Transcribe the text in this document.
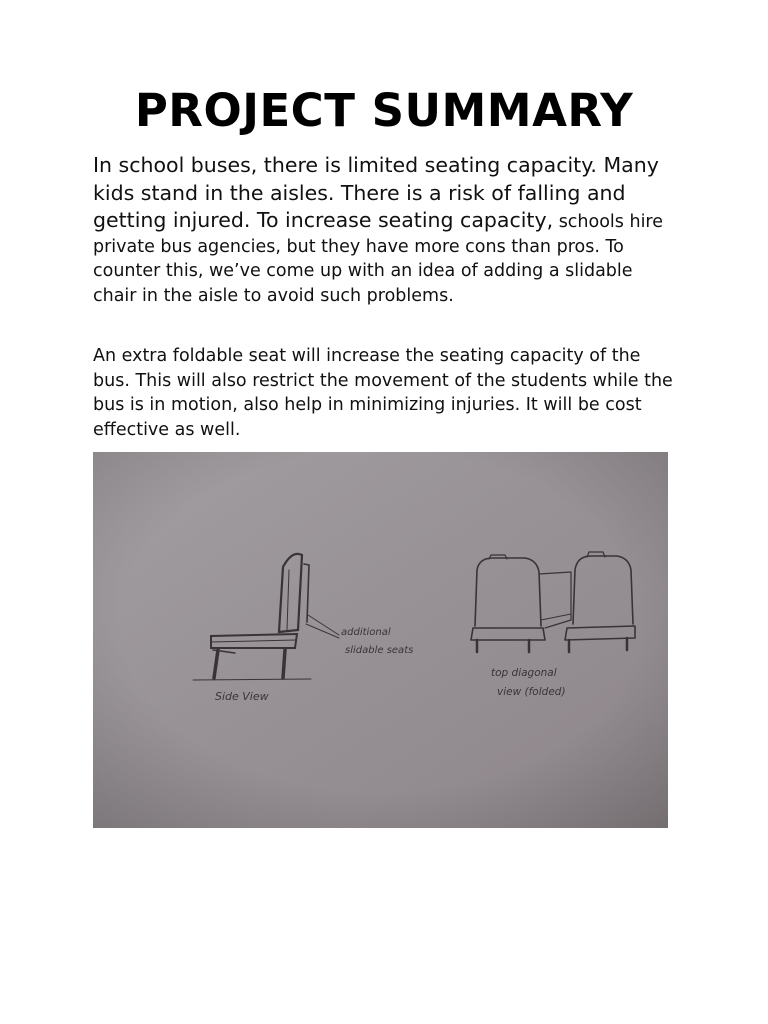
PROJECT SUMMARY

In school buses, there is limited seating capacity. Many kids stand in the aisles. There is a risk of falling and getting injured. To increase seating capacity, schools hire private bus agencies, but they have more cons than pros. To counter this, we’ve come up with an idea of adding a slidable chair in the aisle to avoid such problems.

An extra foldable seat will increase the seating capacity of the bus. This will also restrict the movement of the students while the bus is in motion, also help in minimizing injuries. It will be cost effective as well.

additional
slidable seats
Side View
top diagonal
view (folded)
